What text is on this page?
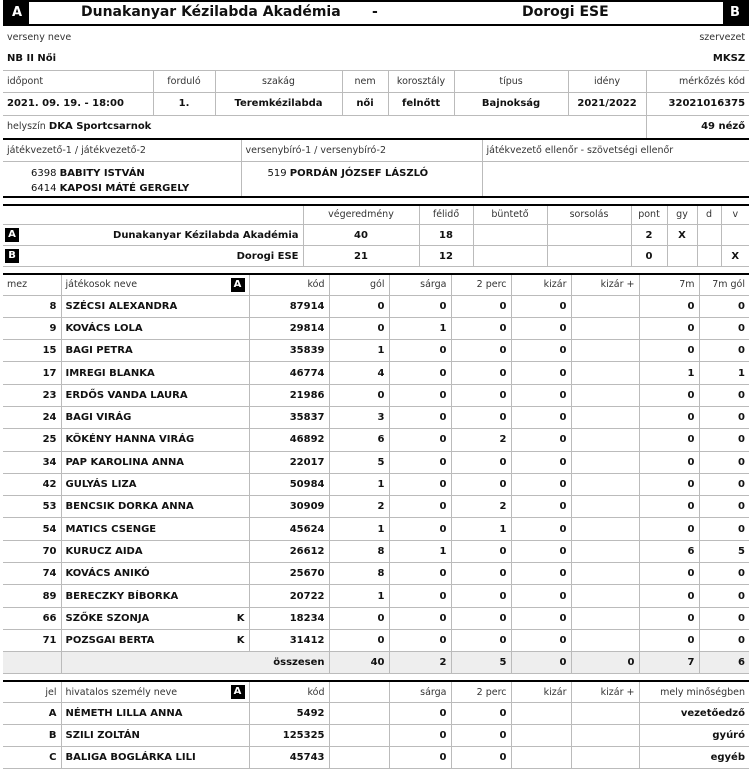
A	Dunakanyar Kézilabda Akadémia -	Dorogi ESE	B
verseny neve				szervezet			
NB II Női				MKSZ			
időpont	forduló	szakág	nem	korosztály	típus	idény	mérkőzés kód
2021. 09. 19. - 18:00	1.	Teremkézilabda	női	felnőtt	Bajnokság	2021/2022	32021016375
helyszín DKA Sportcsarnok							49 néző
játékvezető-1 / játékvezető-2	versenybíró-1 / versenybíró-2	játékvezető ellenőr - szövetségi ellenőr

6398 BABITY ISTVÁN
6414 KAPOSI MÁTÉ GERGELY	519 PORDÁN JÓZSEF LÁSZLÓ	

		végeredmény	félidő	büntető	sorsolás	pont	gy	d	v
A	Dunakanyar Kézilabda Akadémia	40	18			2	X		
B	Dorogi ESE	21	12			0			X
mez	játékosok neve A	kód	gól	sárga	2 perc	kizár	kizár +	7m	7m gól
8	SZÉCSI ALEXANDRA	87914	0	0	0	0		0	0
9	KOVÁCS LOLA	29814	0	1	0	0		0	0
15	BAGI PETRA	35839	1	0	0	0		0	0
17	IMREGI BLANKA	46774	4	0	0	0		1	1
23	ERDŐS VANDA LAURA	21986	0	0	0	0		0	0
24	BAGI VIRÁG	35837	3	0	0	0		0	0
25	KÖKÉNY HANNA VIRÁG	46892	6	0	2	0		0	0
34	PAP KAROLINA ANNA	22017	5	0	0	0		0	0
42	GULYÁS LIZA	50984	1	0	0	0		0	0
53	BENCSIK DORKA ANNA	30909	2	0	2	0		0	0
54	MATICS CSENGE	45624	1	0	1	0		0	0
70	KURUCZ AIDA	26612	8	1	0	0		6	5
74	KOVÁCS ANIKÓ	25670	8	0	0	0		0	0
89	BERECZKY BÍBORKA	20722	1	0	0	0		0	0
66	SZŐKE SZONJA K	18234	0	0	0	0		0	0
71	POZSGAI BERTA K	31412	0	0	0	0		0	0
	összesen		40	2	5	0	0	7	6
jel	hivatalos személy neve A	kód		sárga	2 perc	kizár	kizár +	mely minőségben
A	NÉMETH LILLA ANNA	5492		0	0			vezetőedző
B	SZILI ZOLTÁN	125325		0	0			gyúró
C	BALIGA BOGLÁRKA LILI	45743		0	0			egyéb
